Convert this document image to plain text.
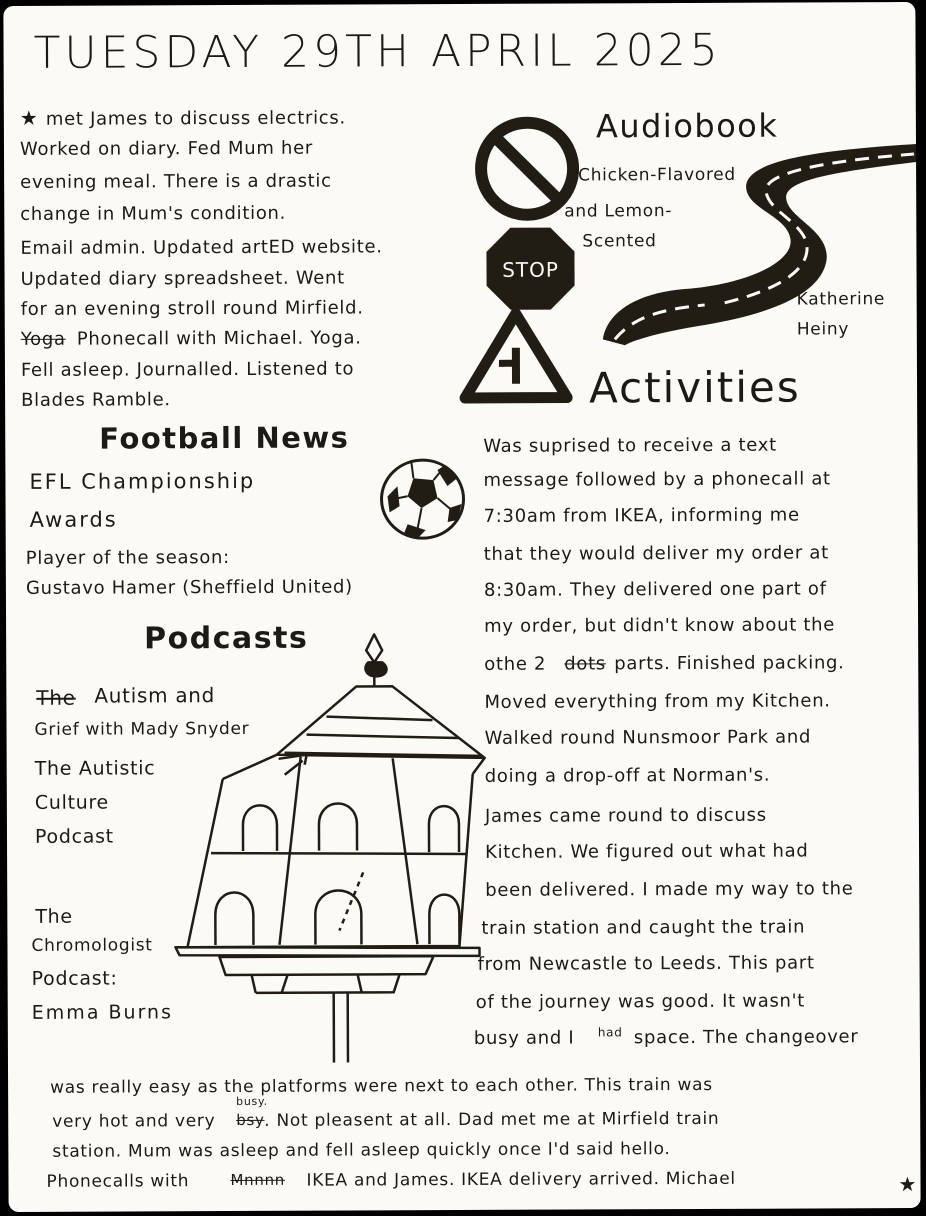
TUESDAY 29TH APRIL 2025
★ met James to discuss electrics.
Worked on diary. Fed Mum her
evening meal. There is a drastic
change in Mum's condition.
Email admin. Updated artED website.
Updated diary spreadsheet. Went
for an evening stroll round Mirfield.
Yoga Phonecall with Michael. Yoga.
Fell asleep. Journalled. Listened to
Blades Ramble.
Audiobook
Chicken-Flavored
and Lemon-
Scented
Katherine
Heiny
STOP
Activities
Football News
EFL Championship
Awards
Player of the season:
Gustavo Hamer (Sheffield United)
Podcasts
The Autism and
Grief with Mady Snyder
The Autistic
Culture
Podcast
The
Chromologist
Podcast:
Emma Burns
Was suprised to receive a text
message followed by a phonecall at
7:30am from IKEA, informing me
that they would deliver my order at
8:30am. They delivered one part of
my order, but didn't know about the
othe 2 dots parts. Finished packing.
Moved everything from my Kitchen.
Walked round Nunsmoor Park and
doing a drop-off at Norman's.
James came round to discuss
Kitchen. We figured out what had
been delivered. I made my way to the
train station and caught the train
from Newcastle to Leeds. This part
of the journey was good. It wasn't
busy and I had space. The changeover
was really easy as the platforms were next to each other. This train was
very hot and very
busy.
bsy . Not pleasent at all. Dad met me at Mirfield train
station. Mum was asleep and fell asleep quickly once I'd said hello.
Phonecalls with	Mnnnn IKEA and James. IKEA delivery arrived. Michael	★
